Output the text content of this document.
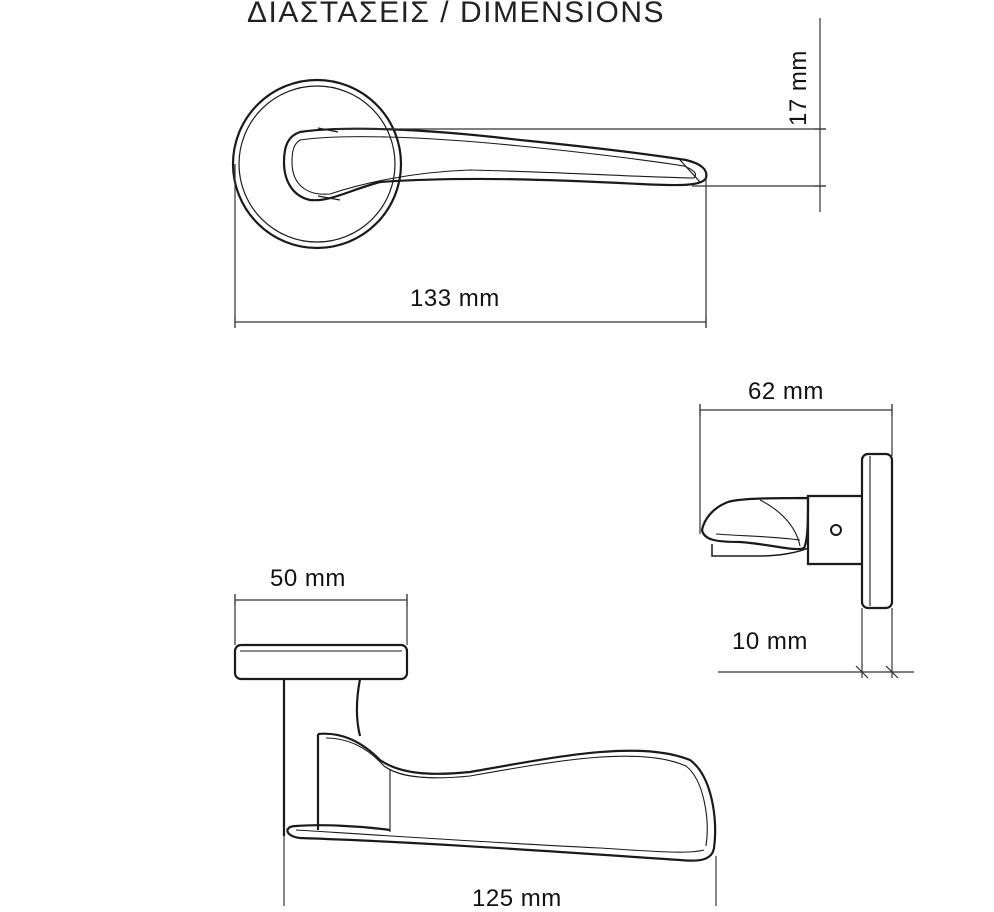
ΔΙΑΣΤΑΣΕΙΣ / DIMENSIONS
17 mm
133 mm
62 mm
10 mm
50 mm
125 mm
